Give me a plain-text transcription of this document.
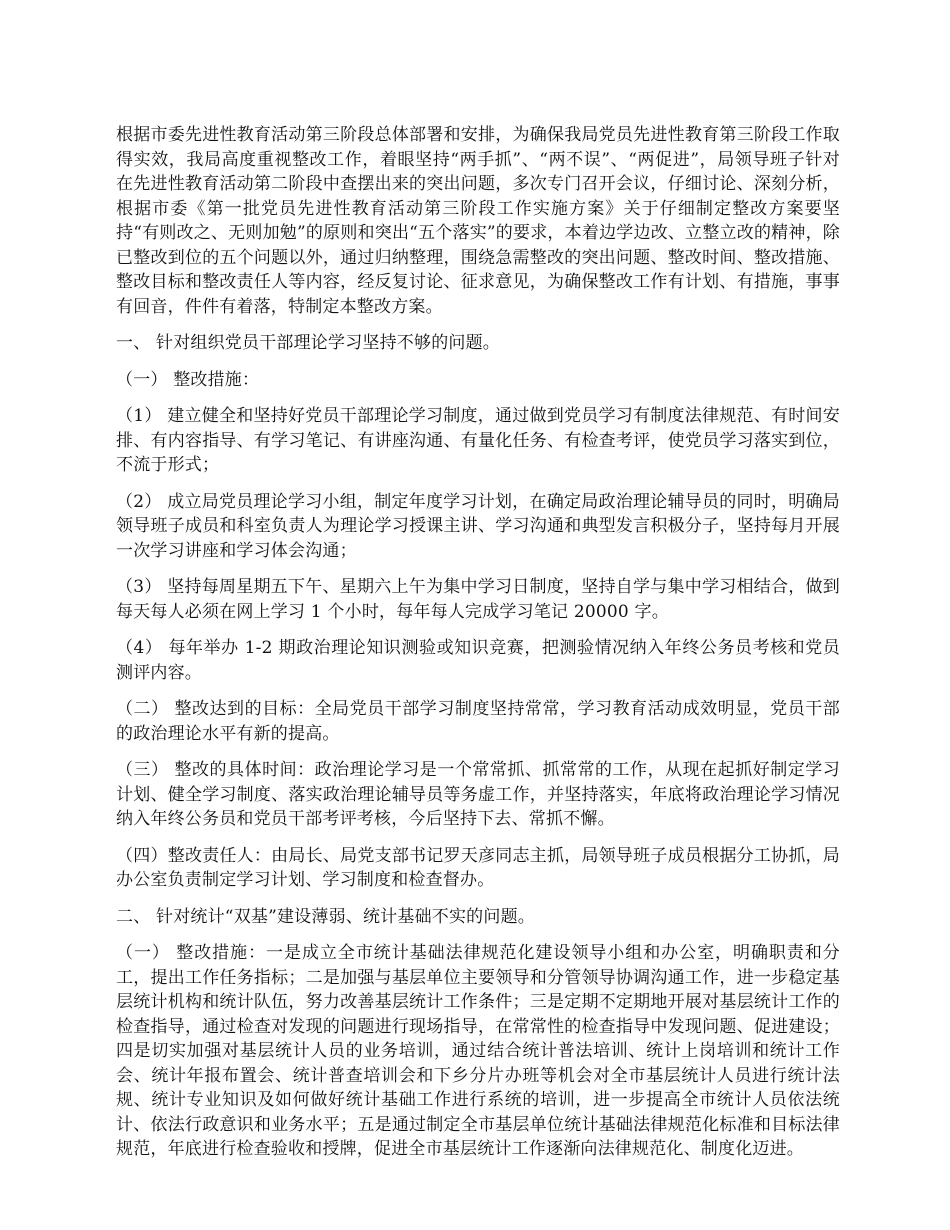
根据市委先进性教育活动第三阶段总体部署和安排，为确保我局党员先进性教育第三阶段工作取得实效，我局高度重视整改工作，着眼坚持“两手抓”、“两不误”、“两促进”，局领导班子针对在先进性教育活动第二阶段中查摆出来的突出问题，多次专门召开会议，仔细讨论、深刻分析，根据市委《第一批党员先进性教育活动第三阶段工作实施方案》关于仔细制定整改方案要坚持“有则改之、无则加勉”的原则和突出“五个落实”的要求，本着边学边改、立整立改的精神，除已整改到位的五个问题以外，通过归纳整理，围绕急需整改的突出问题、整改时间、整改措施、整改目标和整改责任人等内容，经反复讨论、征求意见，为确保整改工作有计划、有措施，事事有回音，件件有着落，特制定本整改方案。

一、 针对组织党员干部理论学习坚持不够的问题。

（一） 整改措施：

（1） 建立健全和坚持好党员干部理论学习制度，通过做到党员学习有制度法律规范、有时间安排、有内容指导、有学习笔记、有讲座沟通、有量化任务、有检查考评，使党员学习落实到位，不流于形式；

（2） 成立局党员理论学习小组，制定年度学习计划，在确定局政治理论辅导员的同时，明确局领导班子成员和科室负责人为理论学习授课主讲、学习沟通和典型发言积极分子，坚持每月开展一次学习讲座和学习体会沟通；

（3） 坚持每周星期五下午、星期六上午为集中学习日制度，坚持自学与集中学习相结合，做到每天每人必须在网上学习 1 个小时，每年每人完成学习笔记 20000 字。

（4） 每年举办 1-2 期政治理论知识测验或知识竞赛，把测验情况纳入年终公务员考核和党员测评内容。

（二） 整改达到的目标：全局党员干部学习制度坚持常常，学习教育活动成效明显，党员干部的政治理论水平有新的提高。

（三） 整改的具体时间：政治理论学习是一个常常抓、抓常常的工作，从现在起抓好制定学习计划、健全学习制度、落实政治理论辅导员等务虚工作，并坚持落实，年底将政治理论学习情况纳入年终公务员和党员干部考评考核，今后坚持下去、常抓不懈。

（四）整改责任人：由局长、局党支部书记罗天彦同志主抓，局领导班子成员根据分工协抓，局办公室负责制定学习计划、学习制度和检查督办。

二、 针对统计“双基”建设薄弱、统计基础不实的问题。

（一） 整改措施：一是成立全市统计基础法律规范化建设领导小组和办公室，明确职责和分工，提出工作任务指标；二是加强与基层单位主要领导和分管领导协调沟通工作，进一步稳定基层统计机构和统计队伍，努力改善基层统计工作条件；三是定期不定期地开展对基层统计工作的检查指导，通过检查对发现的问题进行现场指导，在常常性的检查指导中发现问题、促进建设；四是切实加强对基层统计人员的业务培训，通过结合统计普法培训、统计上岗培训和统计工作会、统计年报布置会、统计普查培训会和下乡分片办班等机会对全市基层统计人员进行统计法规、统计专业知识及如何做好统计基础工作进行系统的培训，进一步提高全市统计人员依法统计、依法行政意识和业务水平；五是通过制定全市基层单位统计基础法律规范化标准和目标法律规范，年底进行检查验收和授牌，促进全市基层统计工作逐渐向法律规范化、制度化迈进。
